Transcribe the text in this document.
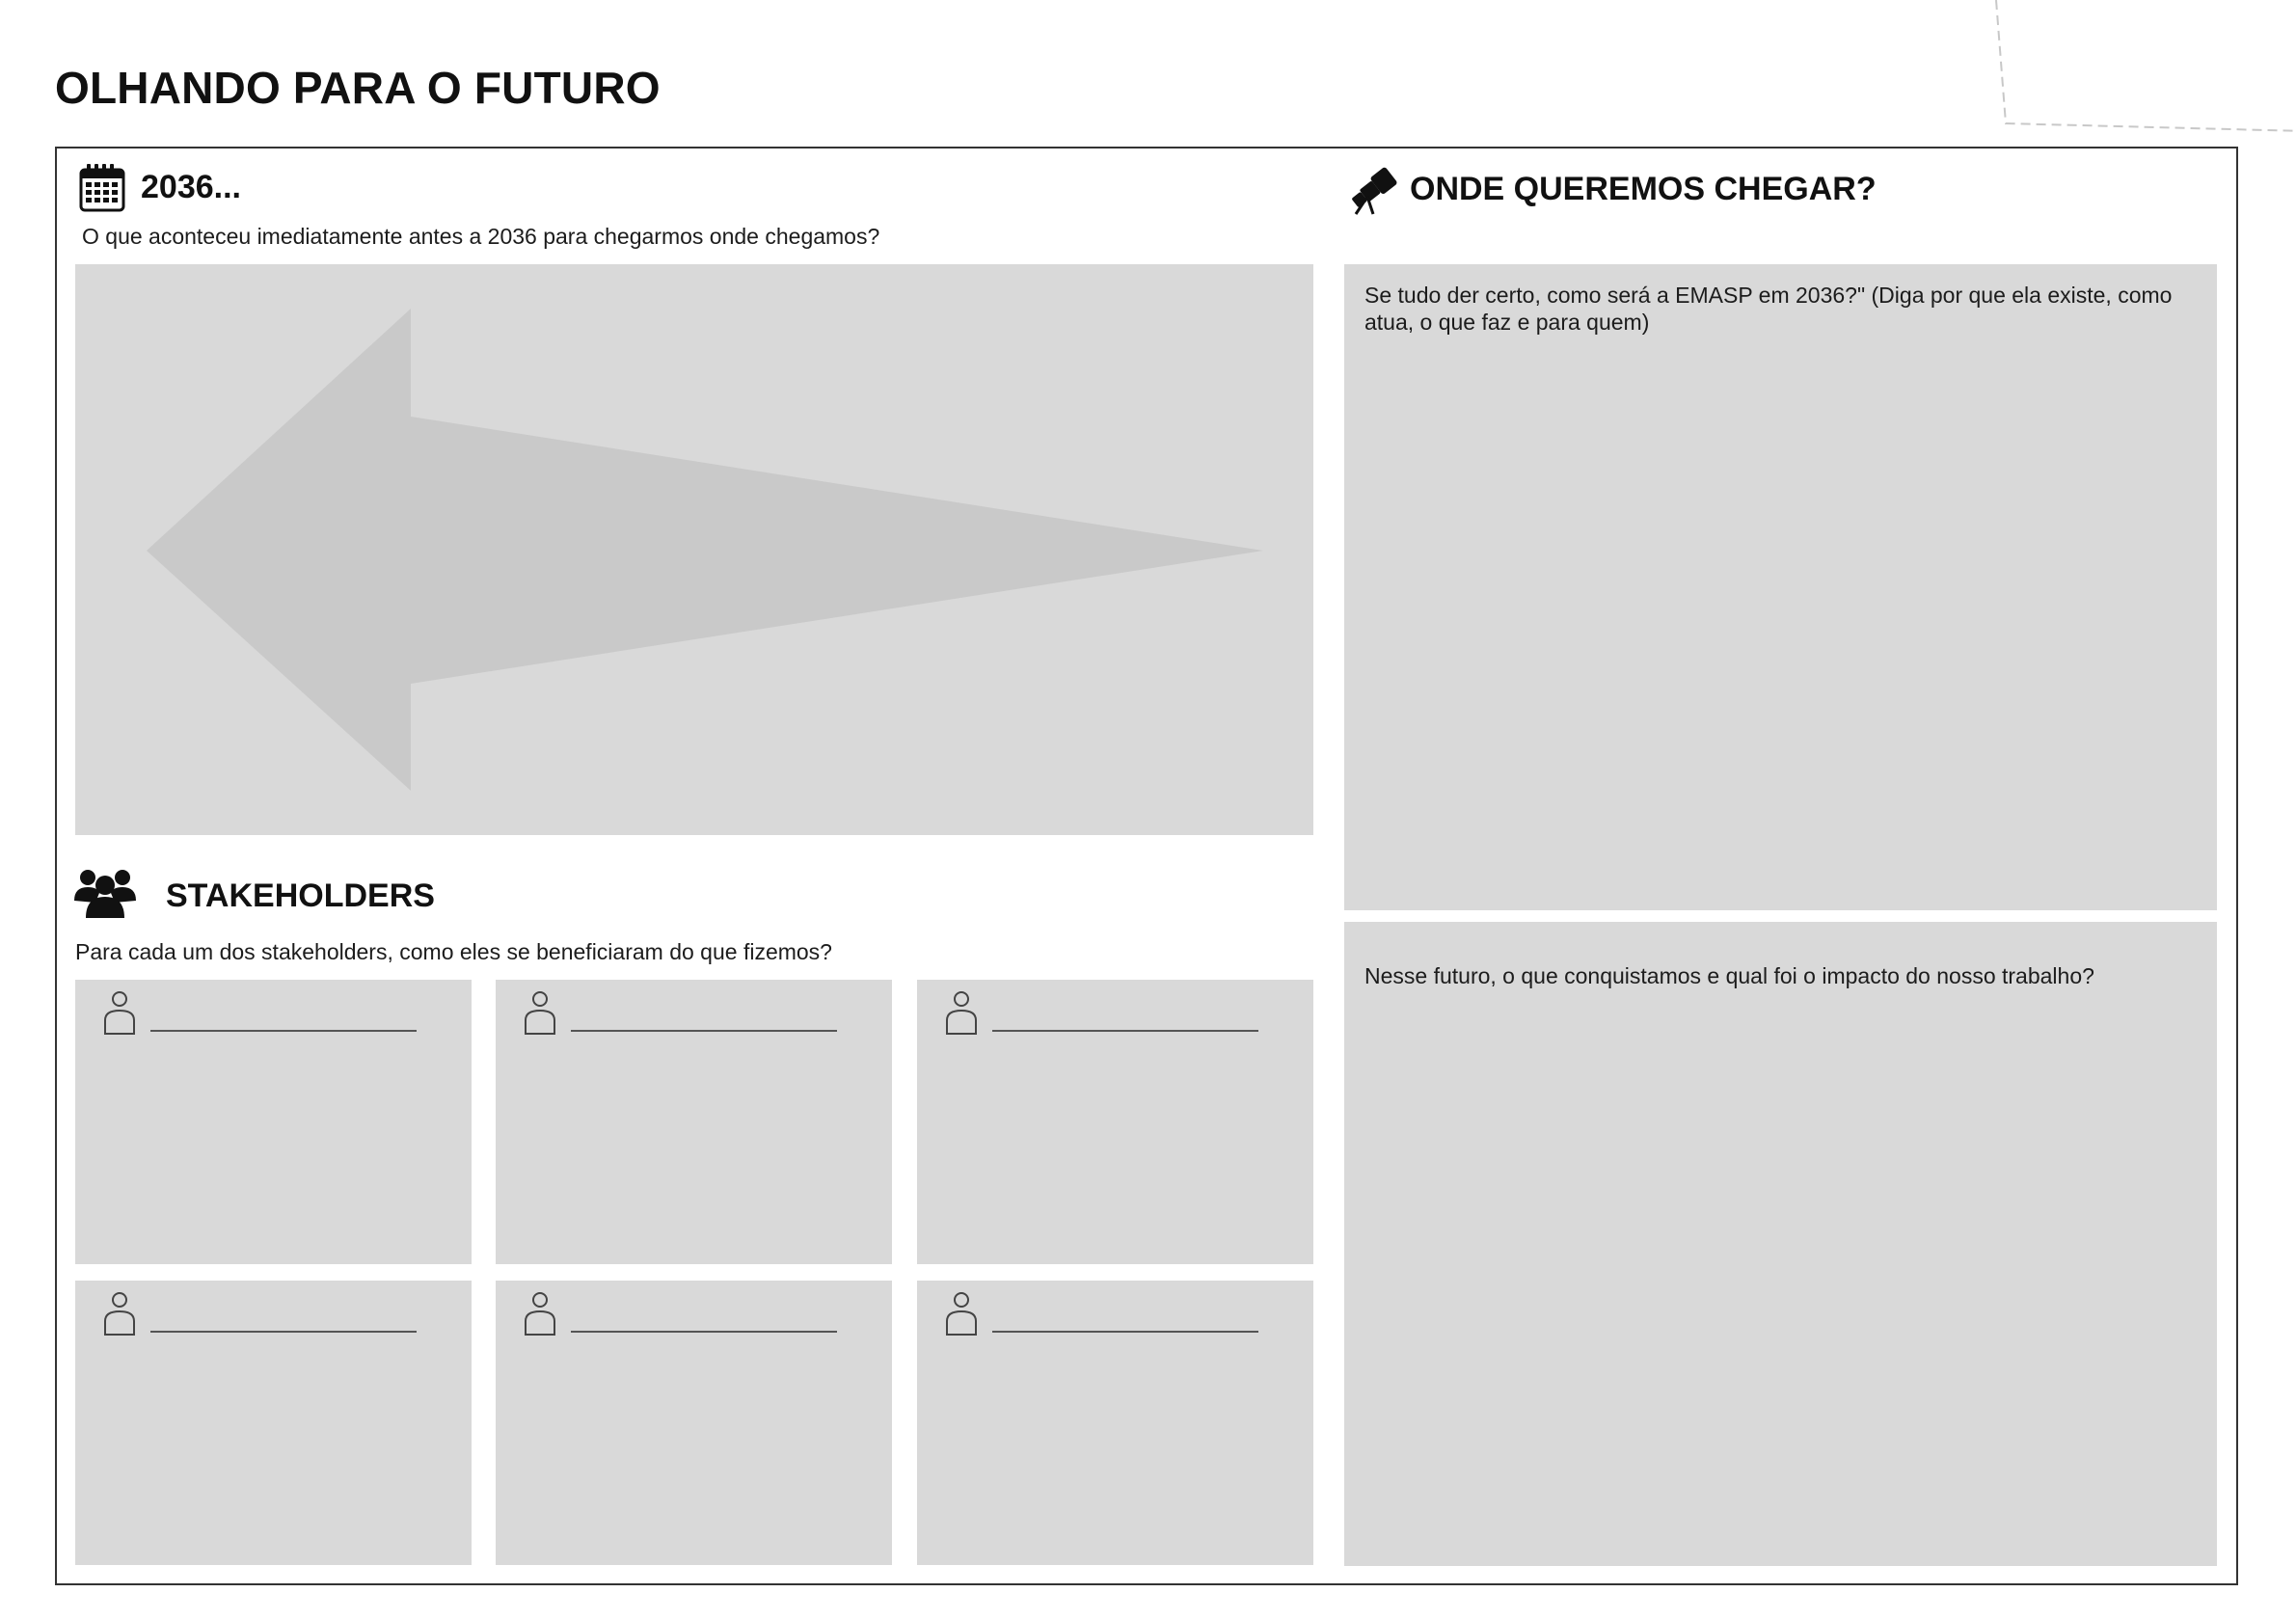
OLHANDO PARA O FUTURO
2036...
O que aconteceu imediatamente antes a 2036 para chegarmos onde chegamos?
ONDE QUEREMOS CHEGAR?
Se tudo der certo, como será a EMASP em 2036?" (Diga por que ela existe, como atua, o que faz e para quem)
Nesse futuro, o que conquistamos e qual foi o impacto do nosso trabalho?
STAKEHOLDERS
Para cada um dos stakeholders, como eles se beneficiaram do que fizemos?
